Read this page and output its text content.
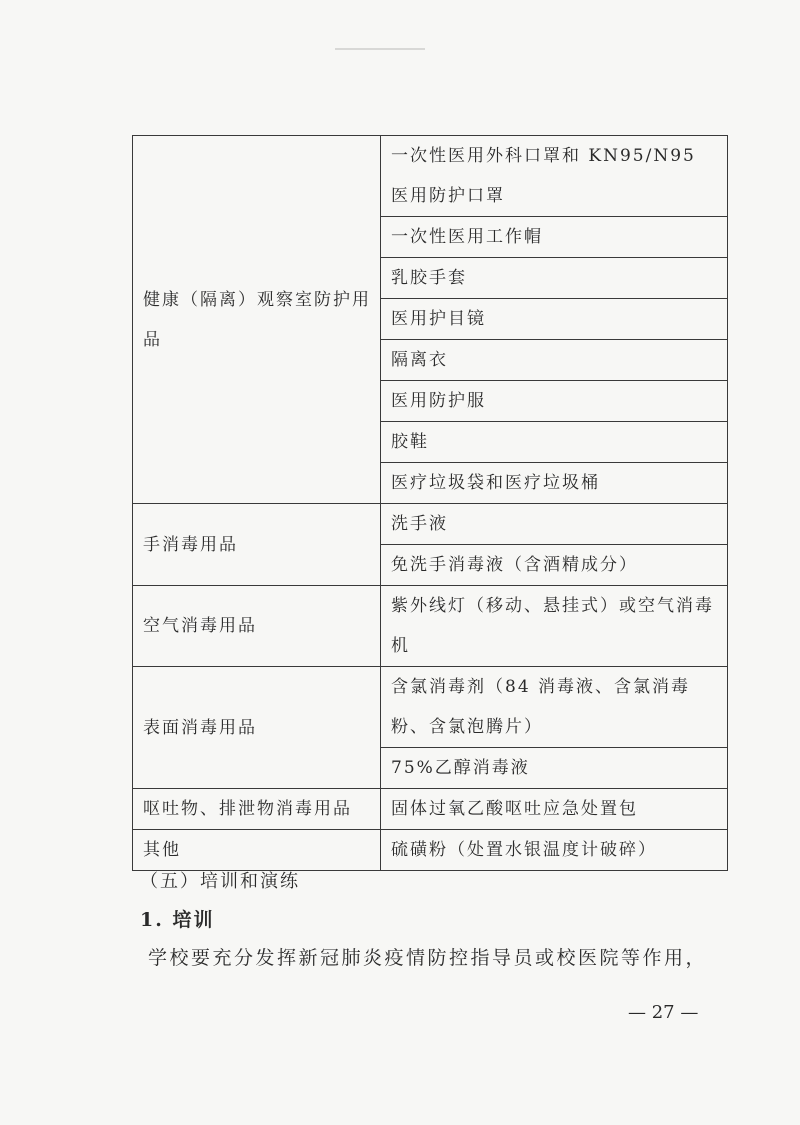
健康（隔离）观察室防护用品	一次性医用外科口罩和 KN95/N95 医用防护口罩

	一次性医用工作帽
	乳胶手套
	医用护目镜
	隔离衣
	医用防护服
	胶鞋
	医疗垃圾袋和医疗垃圾桶
手消毒用品	洗手液
	免洗手消毒液（含酒精成分）
空气消毒用品	紫外线灯（移动、悬挂式）或空气消毒机

表面消毒用品	含氯消毒剂（84 消毒液、含氯消毒粉、含氯泡腾片）

	75%乙醇消毒液
呕吐物、排泄物消毒用品	固体过氧乙酸呕吐应急处置包
其他	硫磺粉（处置水银温度计破碎）
（五）培训和演练
1. 培训
学校要充分发挥新冠肺炎疫情防控指导员或校医院等作用，
— 27 —
